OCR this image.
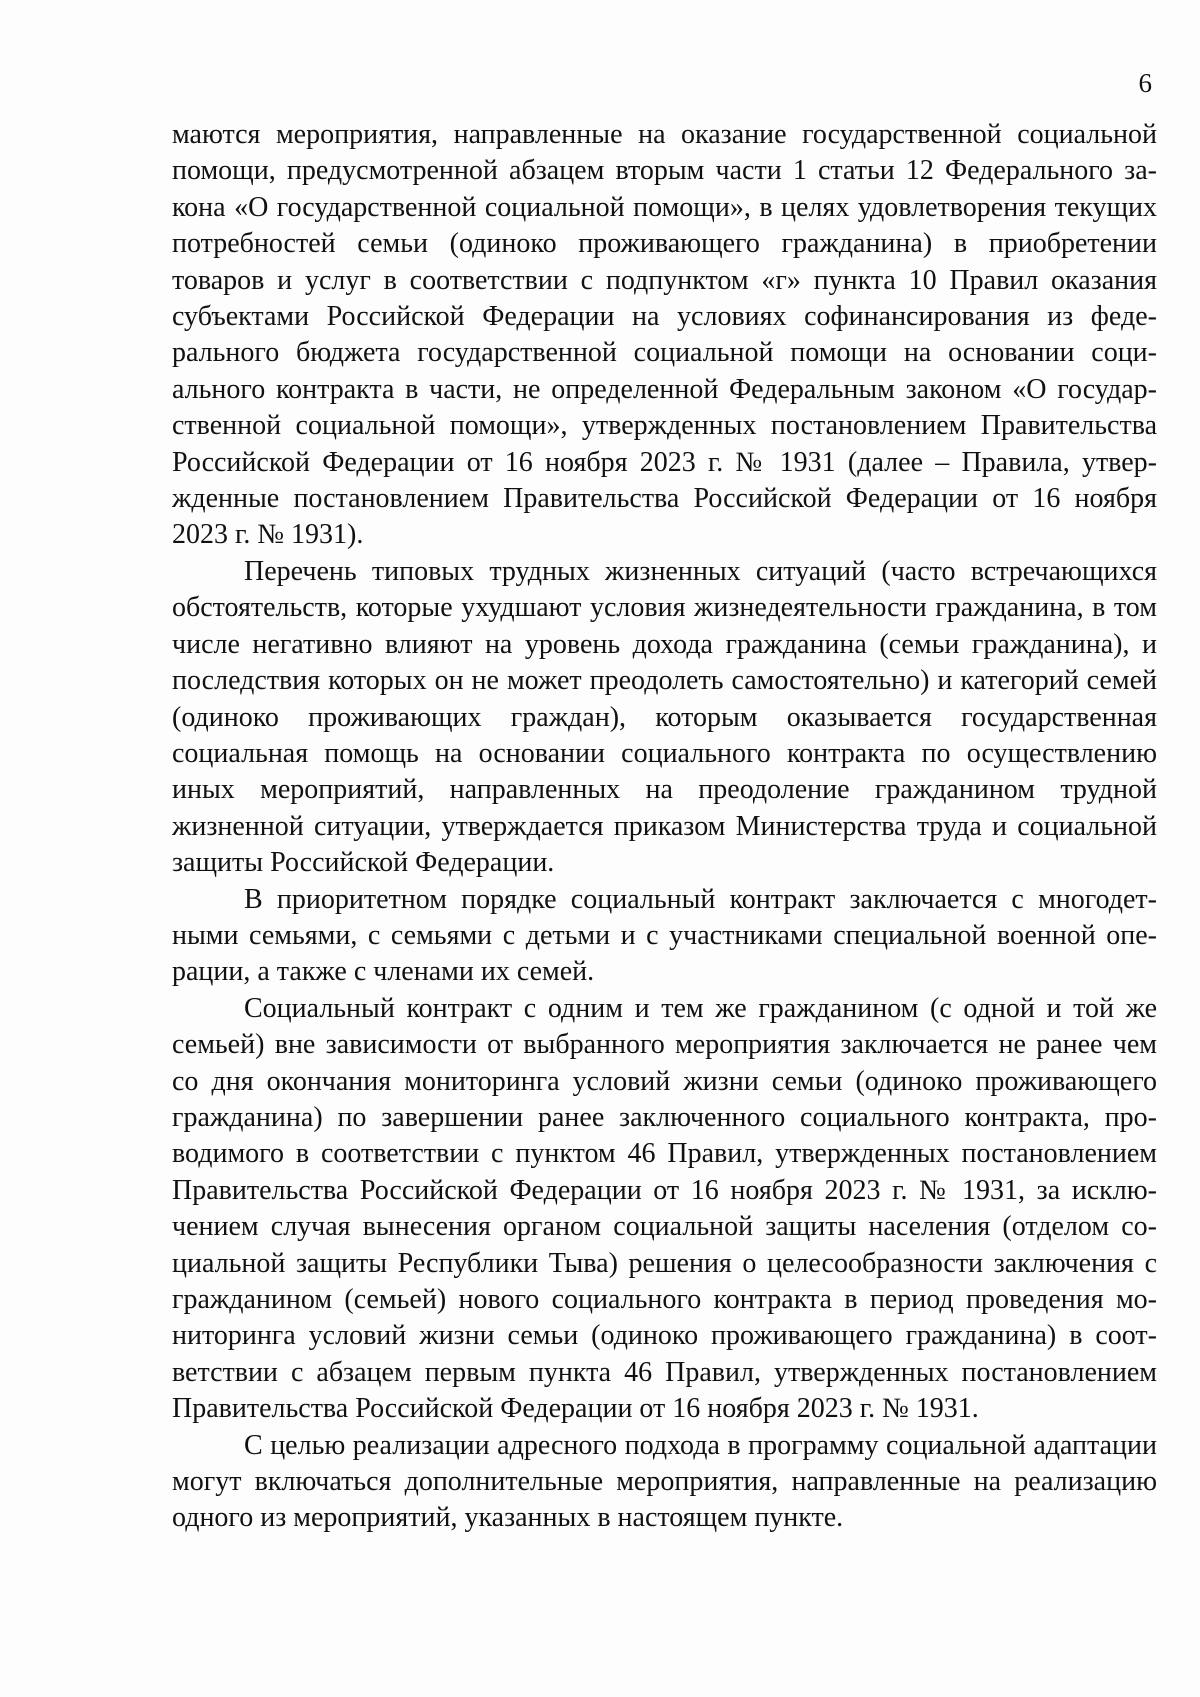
6

маются мероприятия, направленные на оказание государственной социальной помощи, предусмотренной абзацем вторым части 1 статьи 12 Федерального закона «О государственной социальной помощи», в целях удовлетворения текущих потребностей семьи (одиноко проживающего гражданина) в приобретении товаров и услуг в соответствии с подпунктом «г» пункта 10 Правил оказания субъектами Российской Федерации на условиях софинансирования из федерального бюджета государственной социальной помощи на основании социального контракта в части, не определенной Федеральным законом «О государственной социальной помощи», утвержденных постановлением Правительства Российской Федерации от 16 ноября 2023 г. № 1931 (далее – Правила, утвержденные постановлением Правительства Российской Федерации от 16 ноября 2023 г. № 1931).

Перечень типовых трудных жизненных ситуаций (часто встречающихся обстоятельств, которые ухудшают условия жизнедеятельности гражданина, в том числе негативно влияют на уровень дохода гражданина (семьи гражданина), и последствия которых он не может преодолеть самостоятельно) и категорий семей (одиноко проживающих граждан), которым оказывается государственная социальная помощь на основании социального контракта по осуществлению иных мероприятий, направленных на преодоление гражданином трудной жизненной ситуации, утверждается приказом Министерства труда и социальной защиты Российской Федерации.

В приоритетном порядке социальный контракт заключается с многодетными семьями, с семьями с детьми и с участниками специальной военной операции, а также с членами их семей.

Социальный контракт с одним и тем же гражданином (с одной и той же семьей) вне зависимости от выбранного мероприятия заключается не ранее чем со дня окончания мониторинга условий жизни семьи (одиноко проживающего гражданина) по завершении ранее заключенного социального контракта, проводимого в соответствии с пунктом 46 Правил, утвержденных постановлением Правительства Российской Федерации от 16 ноября 2023 г. № 1931, за исключением случая вынесения органом социальной защиты населения (отделом социальной защиты Республики Тыва) решения о целесообразности заключения с гражданином (семьей) нового социального контракта в период проведения мониторинга условий жизни семьи (одиноко проживающего гражданина) в соответствии с абзацем первым пункта 46 Правил, утвержденных постановлением Правительства Российской Федерации от 16 ноября 2023 г. № 1931.

С целью реализации адресного подхода в программу социальной адаптации могут включаться дополнительные мероприятия, направленные на реализацию одного из мероприятий, указанных в настоящем пункте.
